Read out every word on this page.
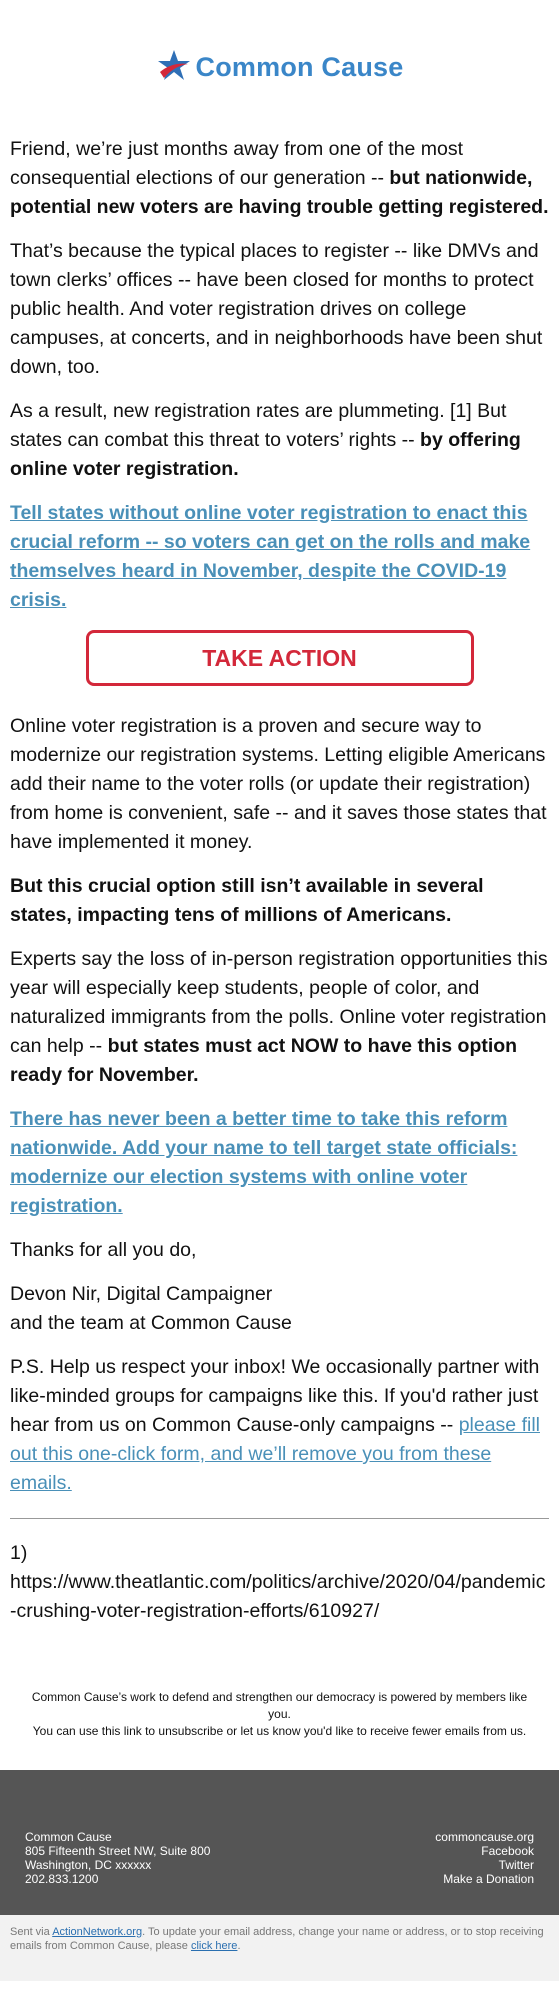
Common Cause

Friend, we’re just months away from one of the most consequential elections of our generation -- but nationwide, potential new voters are having trouble getting registered.

That’s because the typical places to register -- like DMVs and town clerks’ offices -- have been closed for months to protect public health. And voter registration drives on college campuses, at concerts, and in neighborhoods have been shut down, too.

As a result, new registration rates are plummeting. [1] But states can combat this threat to voters’ rights -- by offering online voter registration.

Tell states without online voter registration to enact this crucial reform -- so voters can get on the rolls and make themselves heard in November, despite the COVID-19 crisis.

TAKE ACTION

Online voter registration is a proven and secure way to modernize our registration systems. Letting eligible Americans add their name to the voter rolls (or update their registration) from home is convenient, safe -- and it saves those states that have implemented it money.

But this crucial option still isn’t available in several states, impacting tens of millions of Americans.

Experts say the loss of in-person registration opportunities this year will especially keep students, people of color, and naturalized immigrants from the polls. Online voter registration can help -- but states must act NOW to have this option ready for November.

There has never been a better time to take this reform nationwide. Add your name to tell target state officials: modernize our election systems with online voter registration.

Thanks for all you do,

Devon Nir, Digital Campaigner
and the team at Common Cause

P.S. Help us respect your inbox! We occasionally partner with like-minded groups for campaigns like this. If you'd rather just hear from us on Common Cause-only campaigns -- please fill out this one-click form, and we’ll remove you from these emails.

1)
https://www.theatlantic.com/politics/archive/2020/04/pandemic-crushing-voter-registration-efforts/610927/

Common Cause’s work to defend and strengthen our democracy is powered by members like you.
You can use this link to unsubscribe or let us know you'd like to receive fewer emails from us.
Common Cause
805 Fifteenth Street NW, Suite 800
Washington, DC xxxxxx
202.833.1200
commoncause.org
Facebook
Twitter
Make a Donation
Sent via ActionNetwork.org. To update your email address, change your name or address, or to stop receiving emails from Common Cause, please click here.
